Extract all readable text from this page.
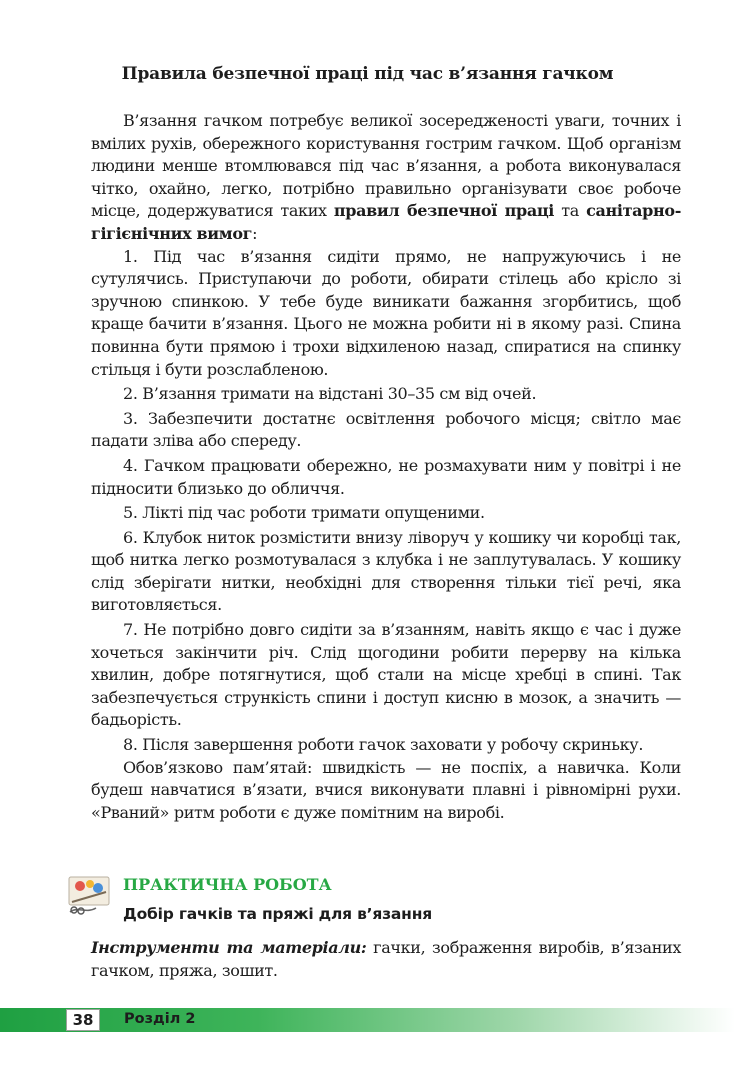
Правила безпечної праці під час в’язання гачком

В’язання гачком потребує великої зосередженості уваги, точних і вмілих рухів, обережного користування гострим гачком. Щоб організм людини менше втомлювався під час в’язання, а робота виконувалася чітко, охайно, легко, потрібно правильно організувати своє робоче місце, додержуватися таких правил безпечної праці та санітарно-гігієнічних вимог:

1. Під час в’язання сидіти прямо, не напружуючись і не сутулячись. Приступаючи до роботи, обирати стілець або крісло зі зручною спинкою. У тебе буде виникати бажання згорбитись, щоб краще бачити в’язання. Цього не можна робити ні в якому разі. Спина повинна бути прямою і трохи відхиленою назад, спиратися на спинку стільця і бути розслабленою.

2. В’язання тримати на відстані 30–35 см від очей.

3. Забезпечити достатнє освітлення робочого місця; світло має падати зліва або спереду.

4. Гачком працювати обережно, не розмахувати ним у повітрі і не підносити близько до обличчя.

5. Лікті під час роботи тримати опущеними.

6. Клубок ниток розмістити внизу ліворуч у кошику чи коробці так, щоб нитка легко розмотувалася з клубка і не заплутувалась. У кошику слід зберігати нитки, необхідні для створення тільки тієї речі, яка виготовляється.

7. Не потрібно довго сидіти за в’язанням, навіть якщо є час і дуже хочеться закінчити річ. Слід щогодини робити перерву на кілька хвилин, добре потягнутися, щоб стали на місце хребці в спині. Так забезпечується стрункість спини і доступ кисню в мозок, а значить — бадьорість.

8. Після завершення роботи гачок заховати у робочу скриньку.

Обов’язково пам’ятай: швидкість — не поспіх, а навичка. Коли будеш навчатися в’язати, вчися виконувати плавні і рівномірні рухи. «Рваний» ритм роботи є дуже помітним на виробі.

ПРАКТИЧНА РОБОТА
Добір гачків та пряжі для в’язання

Інструменти та матеріали: гачки, зображення виробів, в’язаних гачком, пряжа, зошит.

38	Розділ 2
